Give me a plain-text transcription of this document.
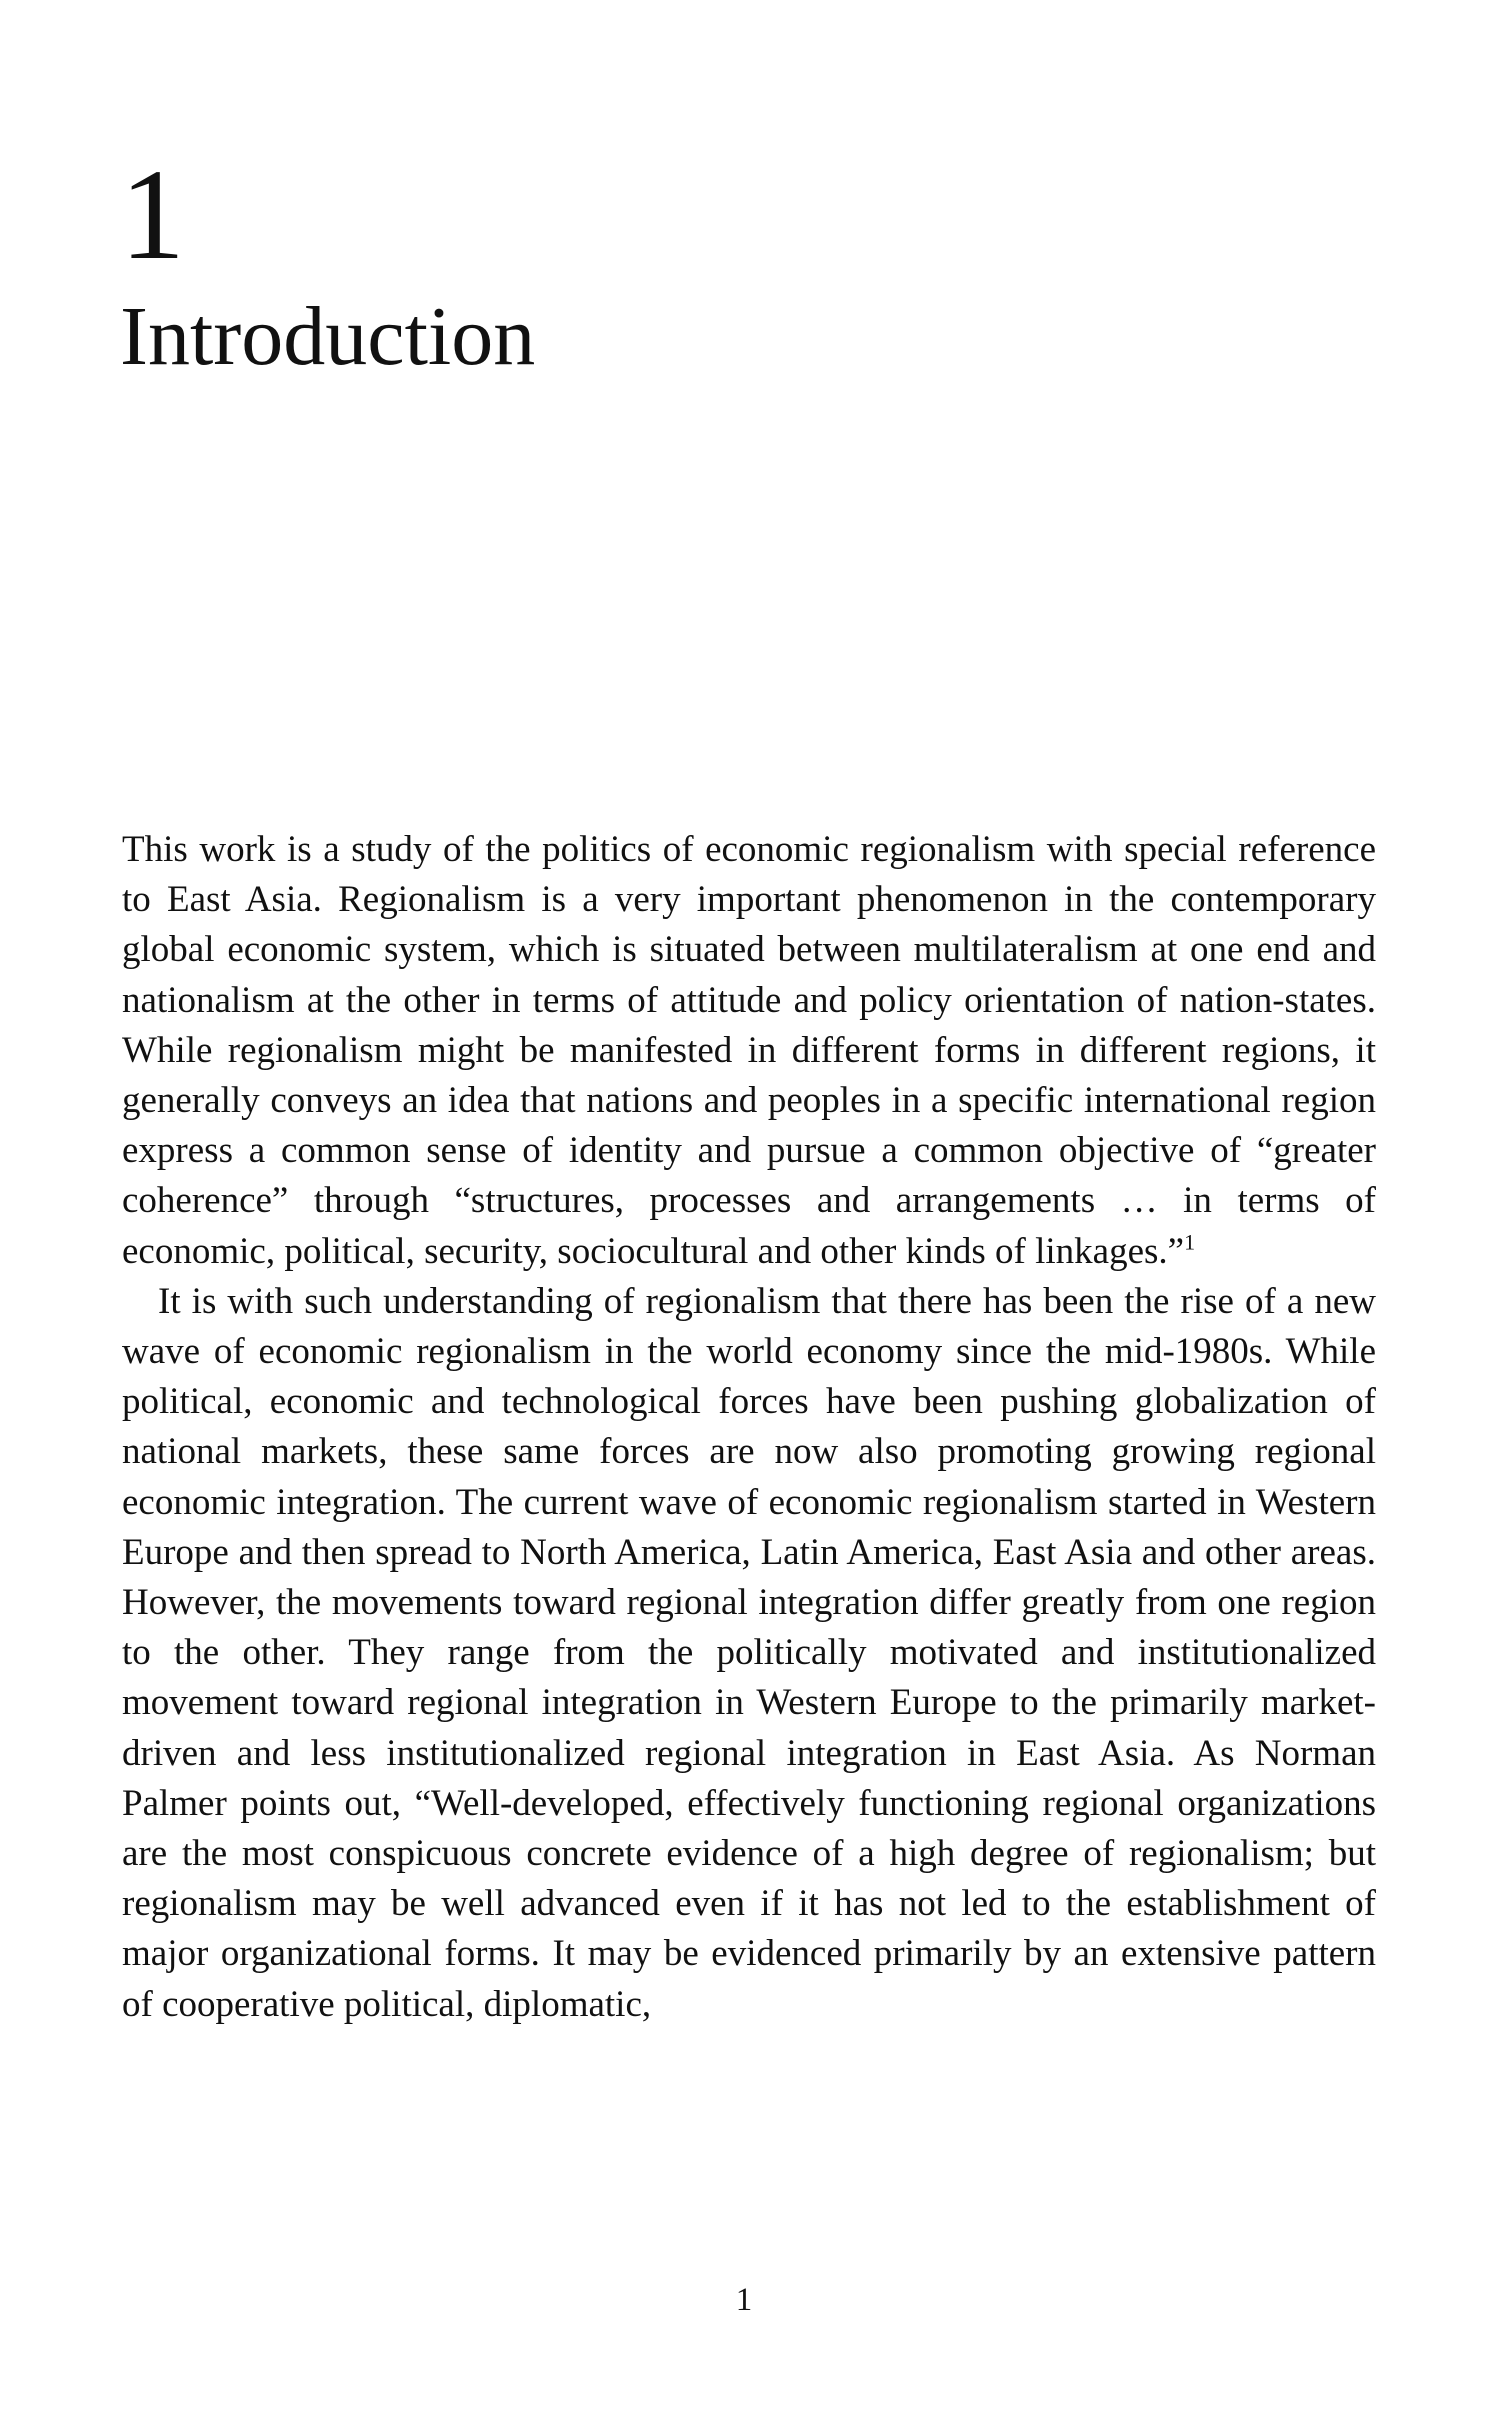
1
Introduction

This work is a study of the politics of economic regionalism with special reference to East Asia. Regionalism is a very important phenomenon in the contemporary global economic system, which is situated between multilateralism at one end and nationalism at the other in terms of attitude and policy orientation of nation-states. While regionalism might be manifested in different forms in different regions, it generally conveys an idea that nations and peoples in a specific international region express a common sense of identity and pursue a common objective of “greater coherence” through “structures, processes and arrangements … in terms of economic, political, security, sociocultural and other kinds of linkages.”$^1$

It is with such understanding of regionalism that there has been the rise of a new wave of economic regionalism in the world economy since the mid-1980s. While political, economic and technological forces have been pushing globalization of national markets, these same forces are now also promoting growing regional economic integration. The current wave of economic regionalism started in Western Europe and then spread to North America, Latin America, East Asia and other areas. However, the movements toward regional integration differ greatly from one region to the other. They range from the politically motivated and institutionalized movement toward regional integration in Western Europe to the primarily market-driven and less institutionalized regional integration in East Asia. As Norman Palmer points out, “Well-developed, effectively functioning regional organizations are the most conspicuous concrete evidence of a high degree of regionalism; but regionalism may be well advanced even if it has not led to the establishment of major organizational forms. It may be evidenced primarily by an extensive pattern of cooperative political, diplomatic,

1
